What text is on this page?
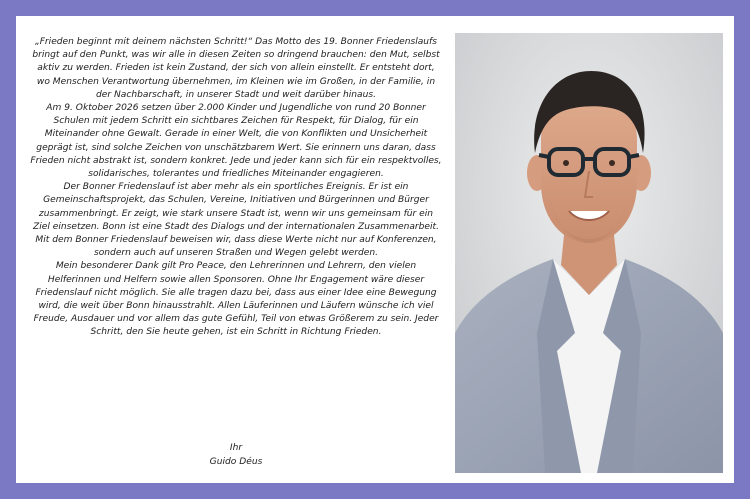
„Frieden beginnt mit deinem nächsten Schritt!“ Das Motto des 19. Bonner Friedenslaufs bringt auf den Punkt, was wir alle in diesen Zeiten so dringend brauchen: den Mut, selbst aktiv zu werden. Frieden ist kein Zustand, der sich von allein einstellt. Er entsteht dort, wo Menschen Verantwortung übernehmen, im Kleinen wie im Großen, in der Familie, in der Nachbarschaft, in unserer Stadt und weit darüber hinaus.

Am 9. Oktober 2026 setzen über 2.000 Kinder und Jugendliche von rund 20 Bonner Schulen mit jedem Schritt ein sichtbares Zeichen für Respekt, für Dialog, für ein Miteinander ohne Gewalt. Gerade in einer Welt, die von Konflikten und Unsicherheit geprägt ist, sind solche Zeichen von unschätzbarem Wert. Sie erinnern uns daran, dass Frieden nicht abstrakt ist, sondern konkret. Jede und jeder kann sich für ein respektvolles, solidarisches, tolerantes und friedliches Miteinander engagieren.

Der Bonner Friedenslauf ist aber mehr als ein sportliches Ereignis. Er ist ein Gemeinschaftsprojekt, das Schulen, Vereine, Initiativen und Bürgerinnen und Bürger zusammenbringt. Er zeigt, wie stark unsere Stadt ist, wenn wir uns gemeinsam für ein Ziel einsetzen. Bonn ist eine Stadt des Dialogs und der internationalen Zusammenarbeit. Mit dem Bonner Friedenslauf beweisen wir, dass diese Werte nicht nur auf Konferenzen, sondern auch auf unseren Straßen und Wegen gelebt werden.

Mein besonderer Dank gilt Pro Peace, den Lehrerinnen und Lehrern, den vielen Helferinnen und Helfern sowie allen Sponsoren. Ohne Ihr Engagement wäre dieser Friedenslauf nicht möglich. Sie alle tragen dazu bei, dass aus einer Idee eine Bewegung wird, die weit über Bonn hinausstrahlt. Allen Läuferinnen und Läufern wünsche ich viel Freude, Ausdauer und vor allem das gute Gefühl, Teil von etwas Größerem zu sein. Jeder Schritt, den Sie heute gehen, ist ein Schritt in Richtung Frieden.

Ihr
Guido Déus
